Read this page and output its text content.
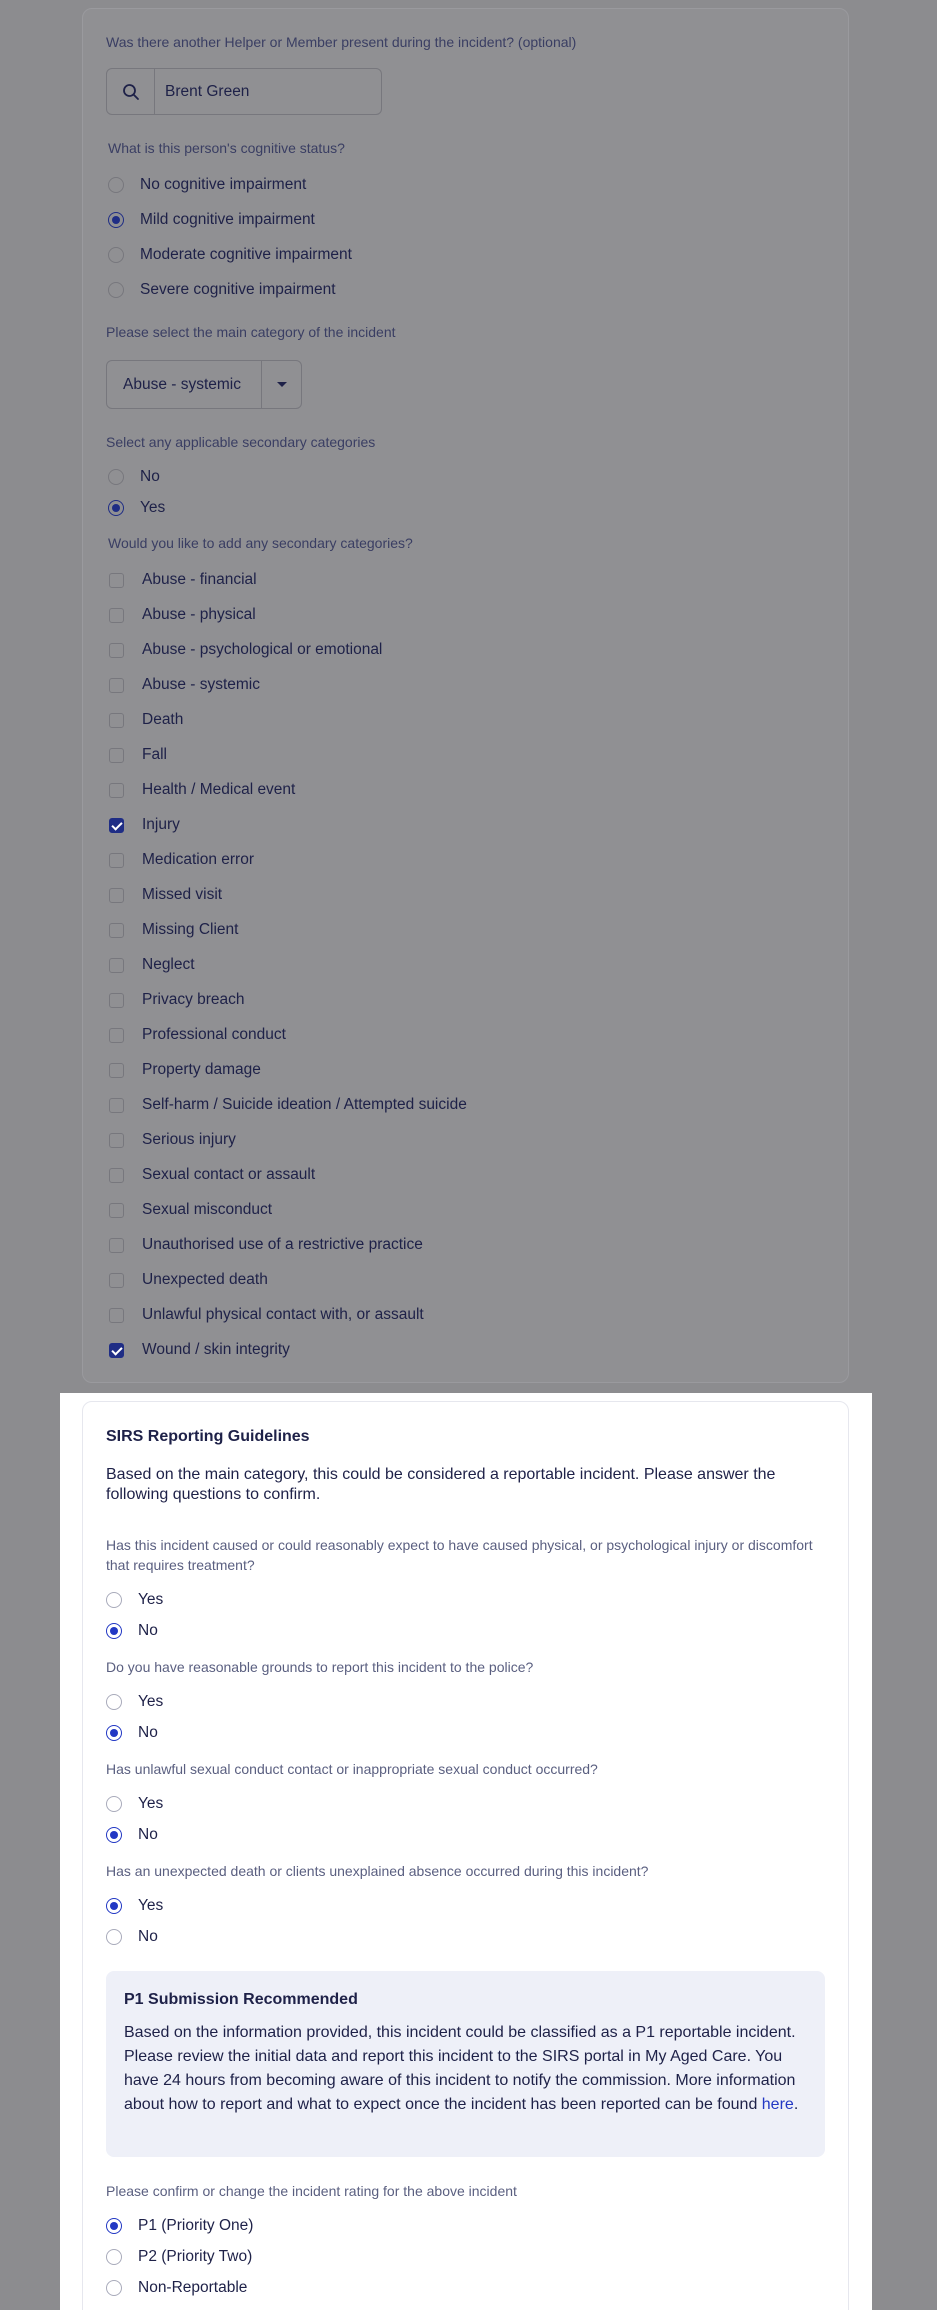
Was there another Helper or Member present during the incident? (optional)
Brent Green
What is this person's cognitive status?
No cognitive impairment
Mild cognitive impairment
Moderate cognitive impairment
Severe cognitive impairment
Please select the main category of the incident
Abuse - systemic
Select any applicable secondary categories
No
Yes
Would you like to add any secondary categories?
Abuse - financial
Abuse - physical
Abuse - psychological or emotional
Abuse - systemic
Death
Fall
Health / Medical event
Injury
Medication error
Missed visit
Missing Client
Neglect
Privacy breach
Professional conduct
Property damage
Self-harm / Suicide ideation / Attempted suicide
Serious injury
Sexual contact or assault
Sexual misconduct
Unauthorised use of a restrictive practice
Unexpected death
Unlawful physical contact with, or assault
Wound / skin integrity
SIRS Reporting Guidelines
Based on the main category, this could be considered a reportable incident. Please answer the following questions to confirm.
Has this incident caused or could reasonably expect to have caused physical, or psychological injury or discomfort that requires treatment?
Yes
No
Do you have reasonable grounds to report this incident to the police?
Yes
No
Has unlawful sexual conduct contact or inappropriate sexual conduct occurred?
Yes
No
Has an unexpected death or clients unexplained absence occurred during this incident?
Yes
No
P1 Submission Recommended
Based on the information provided, this incident could be classified as a P1 reportable incident. Please review the initial data and report this incident to the SIRS portal in My Aged Care. You have 24 hours from becoming aware of this incident to notify the commission. More information about how to report and what to expect once the incident has been reported can be found here.
Please confirm or change the incident rating for the above incident
P1 (Priority One)
P2 (Priority Two)
Non-Reportable
